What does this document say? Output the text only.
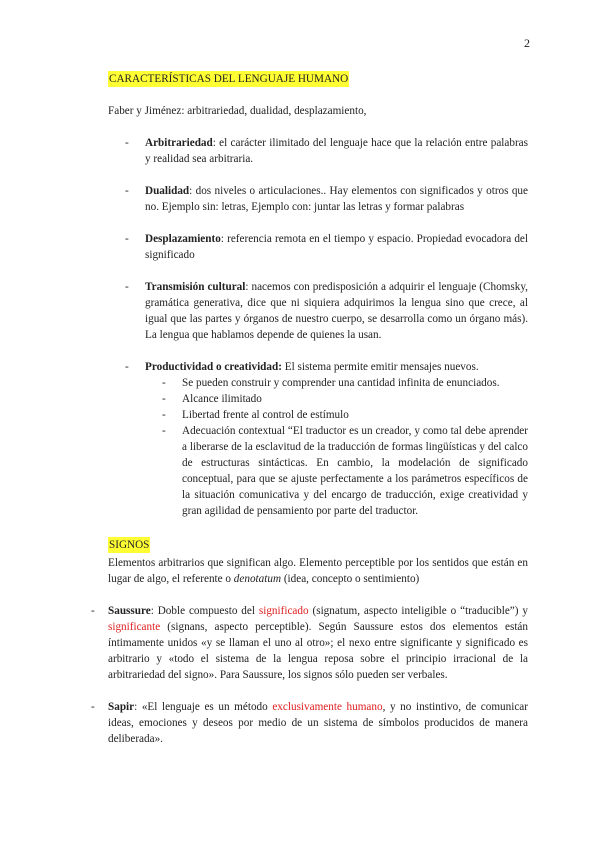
2

CARACTERÍSTICAS DEL LENGUAJE HUMANO

Faber y Jiménez: arbitrariedad, dualidad, desplazamiento,

- Arbitrariedad: el carácter ilimitado del lenguaje hace que la relación entre palabras y realidad sea arbitraria.
- Dualidad: dos niveles o articulaciones.. Hay elementos con significados y otros que no. Ejemplo sin: letras, Ejemplo con: juntar las letras y formar palabras
- Desplazamiento: referencia remota en el tiempo y espacio. Propiedad evocadora del significado
- Transmisión cultural: nacemos con predisposición a adquirir el lenguaje (Chomsky, gramática generativa, dice que ni siquiera adquirimos la lengua sino que crece, al igual que las partes y órganos de nuestro cuerpo, se desarrolla como un órgano más). La lengua que hablamos depende de quienes la usan.
- Productividad o creatividad: El sistema permite emitir mensajes nuevos.
- Se pueden construir y comprender una cantidad infinita de enunciados.
- Alcance ilimitado
- Libertad frente al control de estímulo
- Adecuación contextual “El traductor es un creador, y como tal debe aprender a liberarse de la esclavitud de la traducción de formas lingüísticas y del calco de estructuras sintácticas. En cambio, la modelación de significado conceptual, para que se ajuste perfectamente a los parámetros específicos de la situación comunicativa y del encargo de traducción, exige creatividad y gran agilidad de pensamiento por parte del traductor.

SIGNOS

Elementos arbitrarios que significan algo. Elemento perceptible por los sentidos que están en lugar de algo, el referente o denotatum (idea, concepto o sentimiento)

- Saussure: Doble compuesto del significado (signatum, aspecto inteligible o “traducible”) y significante (signans, aspecto perceptible). Según Saussure estos dos elementos están íntimamente unidos «y se llaman el uno al otro»; el nexo entre significante y significado es arbitrario y «todo el sistema de la lengua reposa sobre el principio irracional de la arbitrariedad del signo». Para Saussure, los signos sólo pueden ser verbales.
- Sapir: «El lenguaje es un método exclusivamente humano, y no instintivo, de comunicar ideas, emociones y deseos por medio de un sistema de símbolos producidos de manera deliberada».
